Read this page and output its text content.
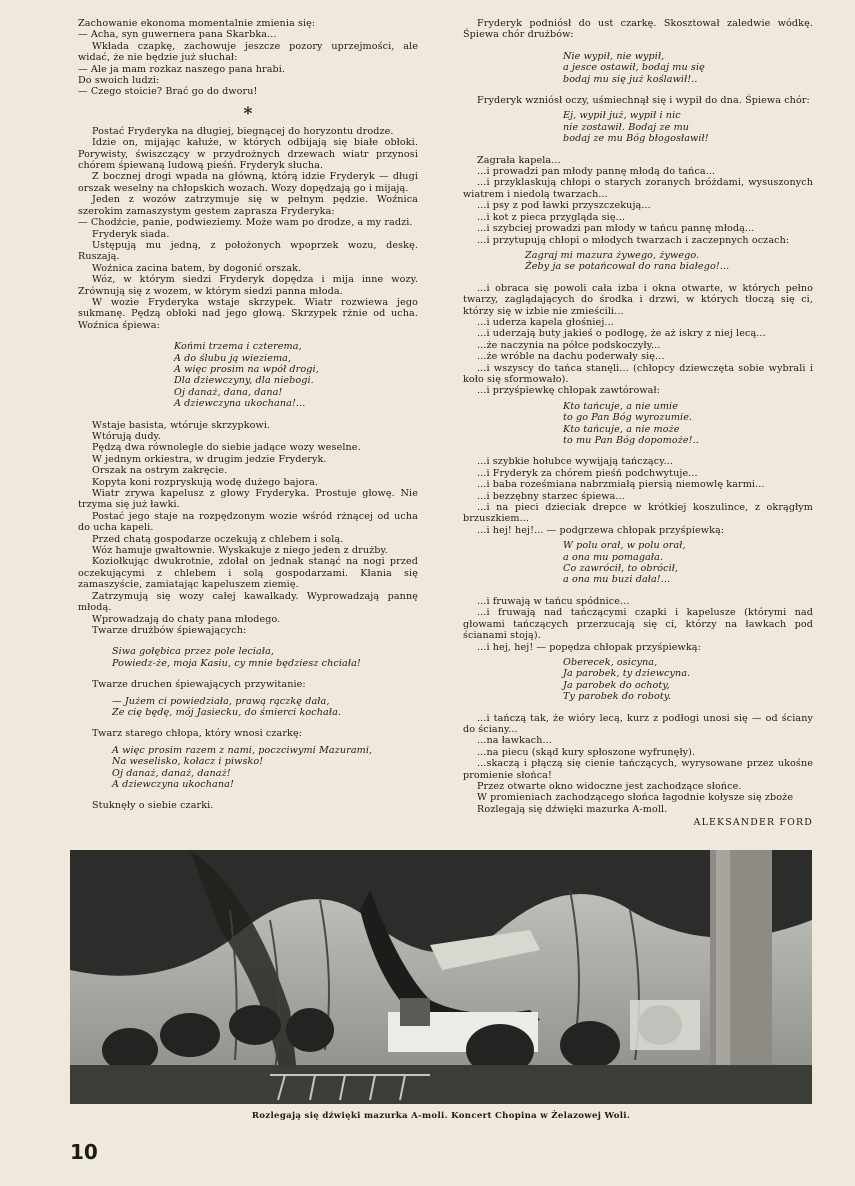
Zachowanie ekonoma momentalnie zmienia się:

— Acha, syn guwernera pana Skarbka...

Wkłada czapkę, zachowuje jeszcze pozory uprzejmości, ale widać, że nie będzie już słuchał:

— Ale ja mam rozkaz naszego pana hrabi.

Do swoich ludzi:

— Czego stoicie? Brać go do dworu!

*

Postać Fryderyka na długiej, biegnącej do horyzontu drodze.

Idzie on, mijając kałuże, w których odbijają się białe obłoki. Porywisty, świszczący w przydrożnych drzewach wiatr przynosi chórem śpiewaną ludową pieśń. Fryderyk słucha.

Z bocznej drogi wpada na główną, którą idzie Fryderyk — długi orszak weselny na chłopskich wozach. Wozy dopędzają go i mijają.

Jeden z wozów zatrzymuje się w pełnym pędzie. Woźnica szerokim zamaszystym gestem zaprasza Fryderyka:

— Chodźcie, panie, podwieziemy. Może wam po drodze, a my radzi.

Fryderyk siada.

Ustępują mu jedną, z położonych wpoprzek wozu, deskę. Ruszają.

Woźnica zacina batem, by dogonić orszak.

Wóz, w którym siedzi Fryderyk dopędza i mija inne wozy. Zrównują się z wozem, w którym siedzi panna młoda.

W wozie Fryderyka wstaje skrzypek. Wiatr rozwiewa jego sukmanę. Pędzą obłoki nad jego głową. Skrzypek rżnie od ucha. Woźnica śpiewa:

Końmi trzema i czterema,
A do ślubu ją wieziema,
A więc prosim na wpół drogi,
Dla dziewczyny, dla niebogi.
Oj danaż, dana, dana!
A dziewczyna ukochana!...

Wstaje basista, wtóruje skrzypkowi.

Wtórują dudy.

Pędzą dwa równolegle do siebie jadące wozy weselne.

W jednym orkiestra, w drugim jedzie Fryderyk.

Orszak na ostrym zakręcie.

Kopyta koni rozpryskują wodę dużego bajora.

Wiatr zrywa kapelusz z głowy Fryderyka. Prostuje głowę. Nie trzyma się już ławki.

Postać jego staje na rozpędzonym wozie wśród rżnącej od ucha do ucha kapeli.

Przed chatą gospodarze oczekują z chlebem i solą.

Wóz hamuje gwałtownie. Wyskakuje z niego jeden z drużby.

Koziołkując dwukrotnie, zdołał on jednak stanąć na nogi przed oczekującymi z chlebem i solą gospodarzami. Kłania się zamaszyście, zamiatając kapeluszem ziemię.

Zatrzymują się wozy całej kawalkady. Wyprowadzają pannę młodą.

Wprowadzają do chaty pana młodego.

Twarze drużbów śpiewających:

Siwa gołębica przez pole leciała,
Powiedz-że, moja Kasiu, cy mnie będziesz chciała!

Twarze druchen śpiewających przywitanie:

— Jużem ci powiedziała, prawą rączkę dała,
Ze cię będę, mój Jasiecku, do śmierci kochała.

Twarz starego chłopa, który wnosi czarkę:

A więc prosim razem z nami, poczciwymi Mazurami,
Na weselisko, kołacz i piwsko!
Oj danaż, danaż, danaż!
A dziewczyna ukochana!

Stuknęły o siebie czarki.

Fryderyk podniósł do ust czarkę. Skosztował zaledwie wódkę. Śpiewa chór drużbów:

Nie wypił, nie wypił,
a jesce ostawił, bodaj mu się
bodaj mu się już koślawił!..

Fryderyk wzniósł oczy, uśmiechnął się i wypił do dna. Śpiewa chór:

Ej, wypił już, wypił i nic
nie zostawił. Bodaj ze mu
bodaj ze mu Bóg błogosławił!

Zagrała kapela...

...i prowadzi pan młody pannę młodą do tańca...

...i przyklaskują chłopi o starych zoranych bróżdami, wysuszonych wiatrem i niedolą twarzach...

...i psy z pod ławki przyszczekują...

...i kot z pieca przygląda się...

...i szybciej prowadzi pan młody w tańcu pannę młodą...

...i przytupują chłopi o młodych twarzach i zaczepnych oczach:

Zagraj mi mazura żywego, żywego.
Żeby ja se potańcował do rana białego!...

...i obraca się powoli cała izba i okna otwarte, w których pełno twarzy, zaglądających do środka i drzwi, w których tłoczą się ci, którzy się w izbie nie zmieścili...

...i uderza kapela głośniej...

...i uderzają buty jakieś o podłogę, że aż iskry z niej lecą...

...że naczynia na półce podskoczyły...

...że wróble na dachu poderwały się...

...i wszyscy do tańca stanęli... (chłopcy dziewczęta sobie wybrali i koło się sformowało).

...i przyśpiewkę chłopak zawtórował:

Kto tańcuje, a nie umie
to go Pan Bóg wyrozumie.
Kto tańcuje, a nie może
to mu Pan Bóg dopomoże!..

...i szybkie hołubce wywijają tańczący...

...i Fryderyk za chórem pieśń podchwytuje...

...i baba roześmiana nabrzmiałą piersią niemowlę karmi...

...i bezzębny starzec śpiewa...

...i na pieci dzieciak drepce w krótkiej koszulince, z okrągłym brzuszkiem...

...i hej! hej!... — podgrzewa chłopak przyśpiewką:

W polu orał, w polu orał,
a ona mu pomagała.
Co zawrócił, to obrócił,
a ona mu buzi dała!...

...i fruwają w tańcu spódnice...

...i fruwają nad tańczącymi czapki i kapelusze (którymi nad głowami tańczących przerzucają się ci, którzy na ławkach pod ścianami stoją).

...i hej, hej! — popędza chłopak przyśpiewką:

Oberecek, osicyna,
Ja parobek, ty dziewcyna.
Ja parobek do ochoty,
Ty parobek do roboty.

...i tańczą tak, że wióry lecą, kurz z podłogi unosi się — od ściany do ściany...

...na ławkach...

...na piecu (skąd kury spłoszone wyfrunęły).

...skaczą i płączą się cienie tańczących, wyrysowane przez ukośne promienie słońca!

Przez otwarte okno widoczne jest zachodzące słońce.

W promieniach zachodzącego słońca łagodnie kołysze się zboże

Rozlegają się dźwięki mazurka A-moll.

ALEKSANDER FORD
Rozlegają się dźwięki mazurka A-moli. Koncert Chopina w Żelazowej Woli.
10
